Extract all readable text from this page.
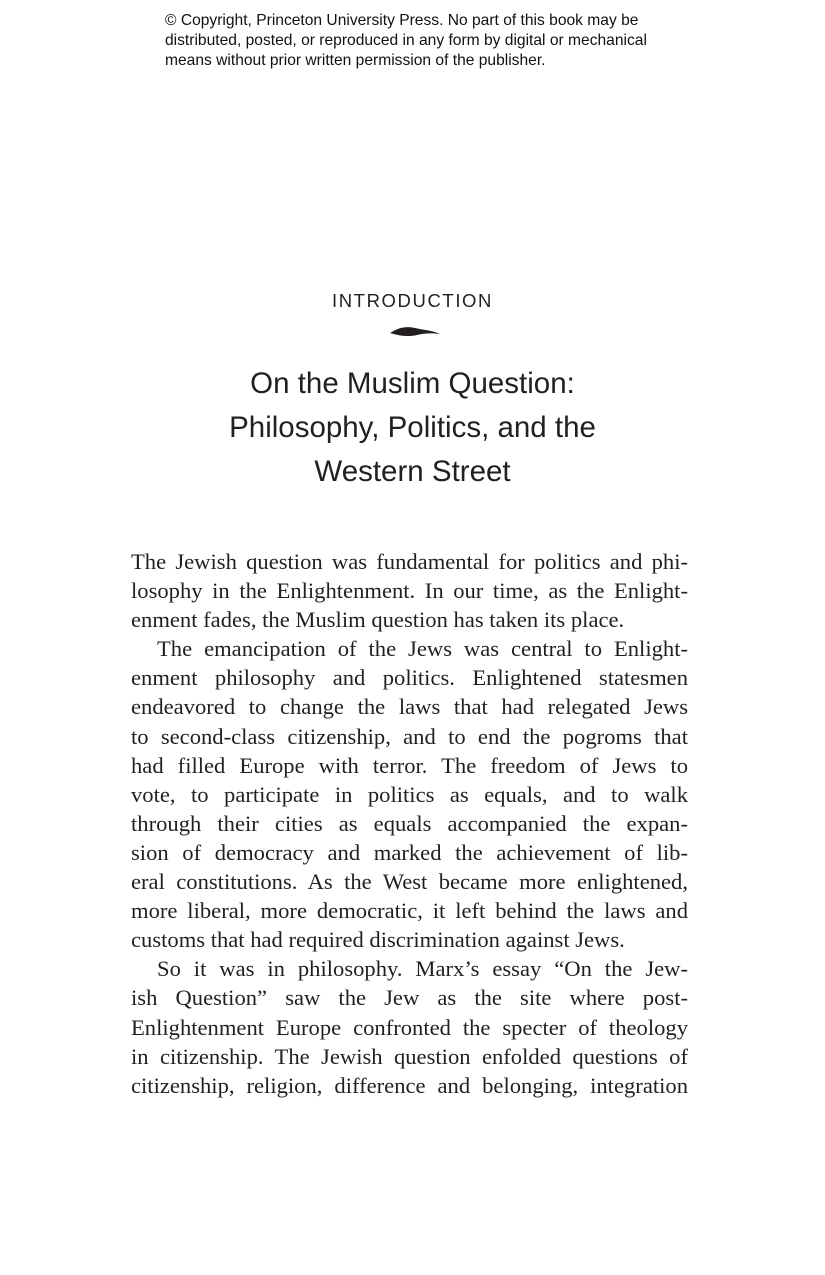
© Copyright, Princeton University Press. No part of this book may be
distributed, posted, or reproduced in any form by digital or mechanical
means without prior written permission of the publisher.
INTRODUCTION
On the Muslim Question:
Philosophy, Politics, and the
Western Street
The Jewish question was fundamental for politics and phi-
losophy in the Enlightenment. In our time, as the Enlight-
enment fades, the Muslim question has taken its place.
The emancipation of the Jews was central to Enlight-
enment philosophy and politics. Enlightened statesmen
endeavored to change the laws that had relegated Jews
to second-class citizenship, and to end the pogroms that
had filled Europe with terror. The freedom of Jews to
vote, to participate in politics as equals, and to walk
through their cities as equals accompanied the expan-
sion of democracy and marked the achievement of lib-
eral constitutions. As the West became more enlightened,
more liberal, more democratic, it left behind the laws and
customs that had required discrimination against Jews.
So it was in philosophy. Marx’s essay “On the Jew-
ish Question” saw the Jew as the site where post-
Enlightenment Europe confronted the specter of theology
in citizenship. The Jewish question enfolded questions of
citizenship, religion, difference and belonging, integration
